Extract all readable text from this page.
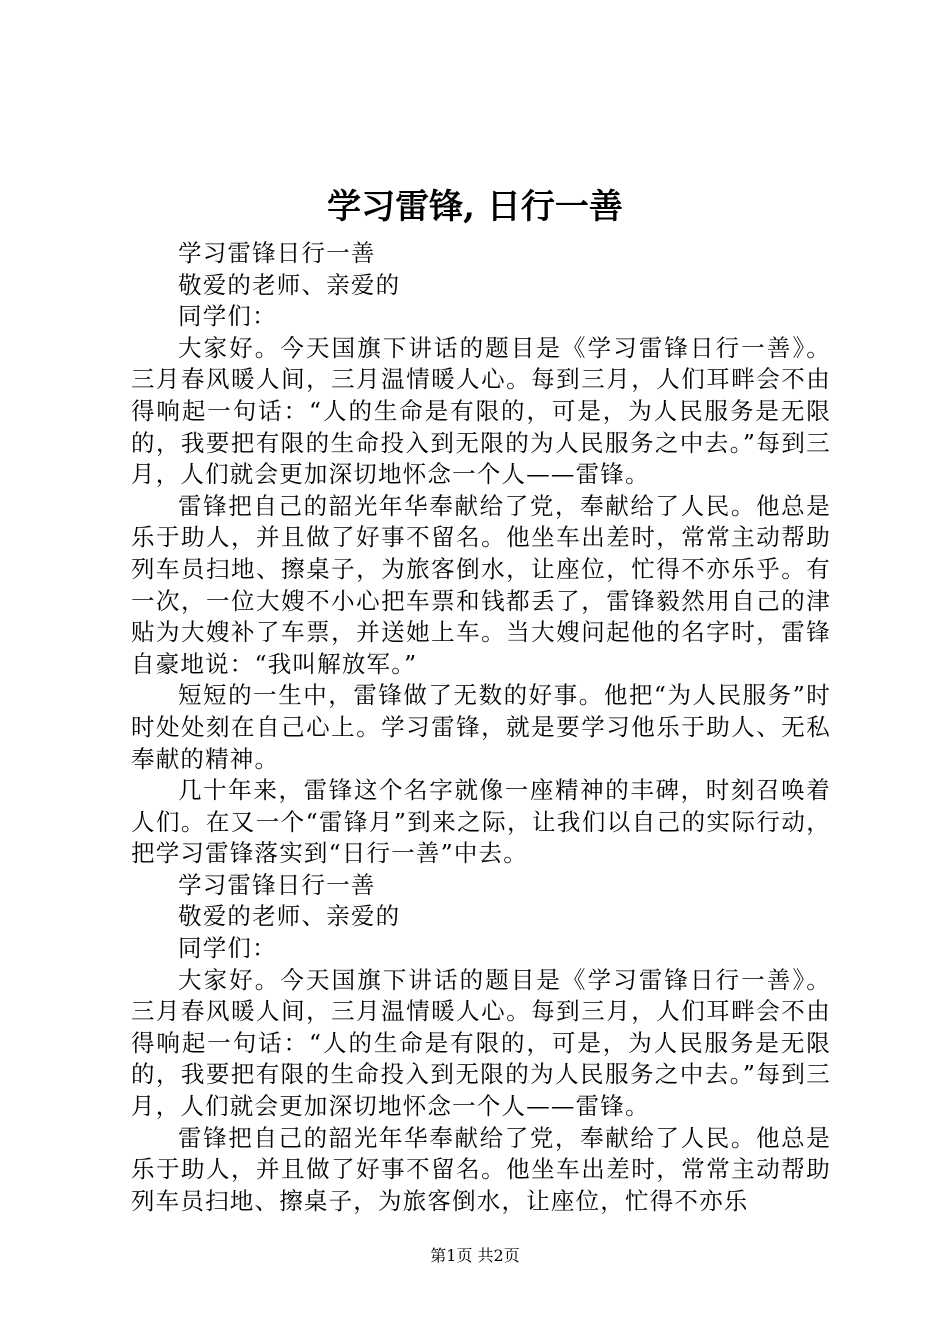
学习雷锋, 日行一善

学习雷锋日行一善

敬爱的老师、亲爱的

同学们：

大家好。今天国旗下讲话的题目是《学习雷锋日行一善》。三月春风暖人间，三月温情暖人心。每到三月，人们耳畔会不由得响起一句话：“人的生命是有限的，可是，为人民服务是无限的，我要把有限的生命投入到无限的为人民服务之中去。”每到三月，人们就会更加深切地怀念一个人——雷锋。

雷锋把自己的韶光年华奉献给了党，奉献给了人民。他总是乐于助人，并且做了好事不留名。他坐车出差时，常常主动帮助列车员扫地、擦桌子，为旅客倒水，让座位，忙得不亦乐乎。有一次，一位大嫂不小心把车票和钱都丢了，雷锋毅然用自己的津贴为大嫂补了车票，并送她上车。当大嫂问起他的名字时，雷锋自豪地说：“我叫解放军。”

短短的一生中，雷锋做了无数的好事。他把“为人民服务”时时处处刻在自己心上。学习雷锋，就是要学习他乐于助人、无私奉献的精神。

几十年来，雷锋这个名字就像一座精神的丰碑，时刻召唤着人们。在又一个“雷锋月”到来之际，让我们以自己的实际行动，把学习雷锋落实到“日行一善”中去。

学习雷锋日行一善

敬爱的老师、亲爱的

同学们：

大家好。今天国旗下讲话的题目是《学习雷锋日行一善》。三月春风暖人间，三月温情暖人心。每到三月，人们耳畔会不由得响起一句话：“人的生命是有限的，可是，为人民服务是无限的，我要把有限的生命投入到无限的为人民服务之中去。”每到三月，人们就会更加深切地怀念一个人——雷锋。

雷锋把自己的韶光年华奉献给了党，奉献给了人民。他总是乐于助人，并且做了好事不留名。他坐车出差时，常常主动帮助列车员扫地、擦桌子，为旅客倒水，让座位，忙得不亦乐

第1页 共2页
